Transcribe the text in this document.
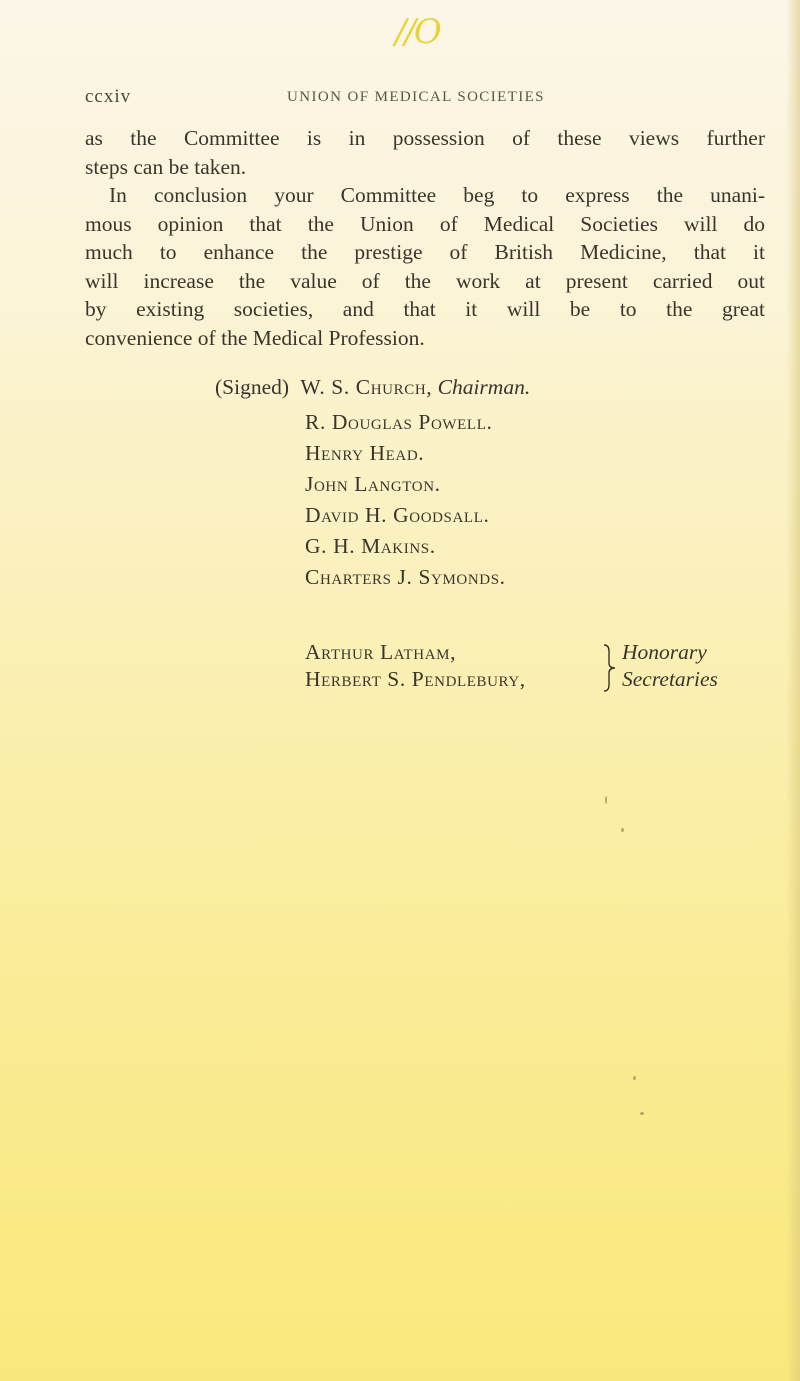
//O
ccxiv	UNION OF MEDICAL SOCIETIES
as the Committee is in possession of these views further
steps can be taken.
In conclusion your Committee beg to express the unani-
mous opinion that the Union of Medical Societies will do
much to enhance the prestige of British Medicine, that it
will increase the value of the work at present carried out
by existing societies, and that it will be to the great
convenience of the Medical Profession.
(Signed) W. S. Church, Chairman.
R. Douglas Powell.
Henry Head.
John Langton.
David H. Goodsall.
G. H. Makins.
Charters J. Symonds.
Arthur Latham,
Herbert S. Pendlebury,
Honorary
Secretaries
